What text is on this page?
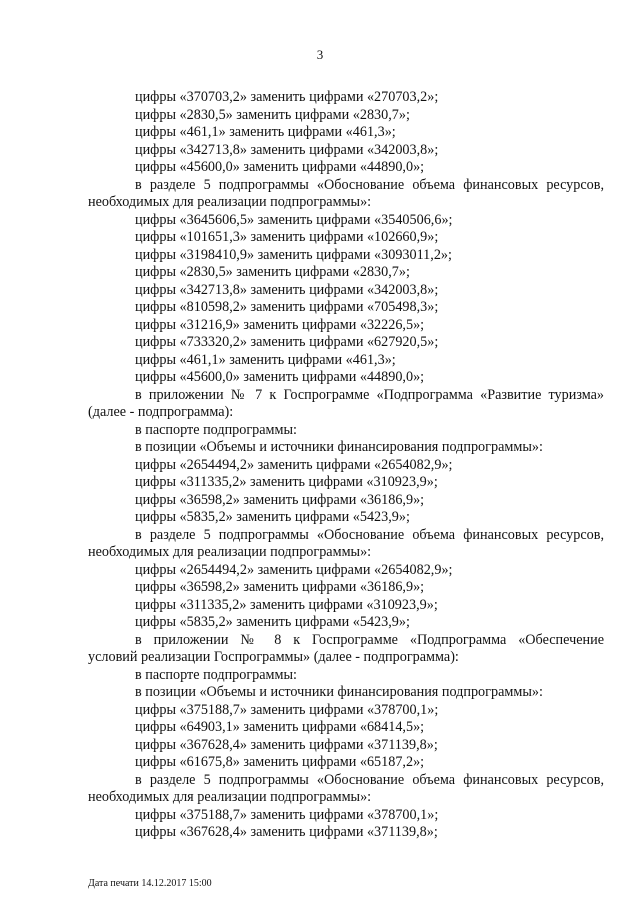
3
цифры «370703,2» заменить цифрами «270703,2»;
цифры «2830,5» заменить цифрами «2830,7»;
цифры «461,1» заменить цифрами «461,3»;
цифры «342713,8» заменить цифрами «342003,8»;
цифры «45600,0» заменить цифрами «44890,0»;
в разделе 5 подпрограммы «Обоснование объема финансовых ресурсов,
необходимых для реализации подпрограммы»:
цифры «3645606,5» заменить цифрами «3540506,6»;
цифры «101651,3» заменить цифрами «102660,9»;
цифры «3198410,9» заменить цифрами «3093011,2»;
цифры «2830,5» заменить цифрами «2830,7»;
цифры «342713,8» заменить цифрами «342003,8»;
цифры «810598,2» заменить цифрами «705498,3»;
цифры «31216,9» заменить цифрами «32226,5»;
цифры «733320,2» заменить цифрами «627920,5»;
цифры «461,1» заменить цифрами «461,3»;
цифры «45600,0» заменить цифрами «44890,0»;
в приложении № 7 к Госпрограмме «Подпрограмма «Развитие туризма»
(далее - подпрограмма):
в паспорте подпрограммы:
в позиции «Объемы и источники финансирования подпрограммы»:
цифры «2654494,2» заменить цифрами «2654082,9»;
цифры «311335,2» заменить цифрами «310923,9»;
цифры «36598,2» заменить цифрами «36186,9»;
цифры «5835,2» заменить цифрами «5423,9»;
в разделе 5 подпрограммы «Обоснование объема финансовых ресурсов,
необходимых для реализации подпрограммы»:
цифры «2654494,2» заменить цифрами «2654082,9»;
цифры «36598,2» заменить цифрами «36186,9»;
цифры «311335,2» заменить цифрами «310923,9»;
цифры «5835,2» заменить цифрами «5423,9»;
в приложении № 8 к Госпрограмме «Подпрограмма «Обеспечение
условий реализации Госпрограммы» (далее - подпрограмма):
в паспорте подпрограммы:
в позиции «Объемы и источники финансирования подпрограммы»:
цифры «375188,7» заменить цифрами «378700,1»;
цифры «64903,1» заменить цифрами «68414,5»;
цифры «367628,4» заменить цифрами «371139,8»;
цифры «61675,8» заменить цифрами «65187,2»;
в разделе 5 подпрограммы «Обоснование объема финансовых ресурсов,
необходимых для реализации подпрограммы»:
цифры «375188,7» заменить цифрами «378700,1»;
цифры «367628,4» заменить цифрами «371139,8»;
Дата печати 14.12.2017 15:00
